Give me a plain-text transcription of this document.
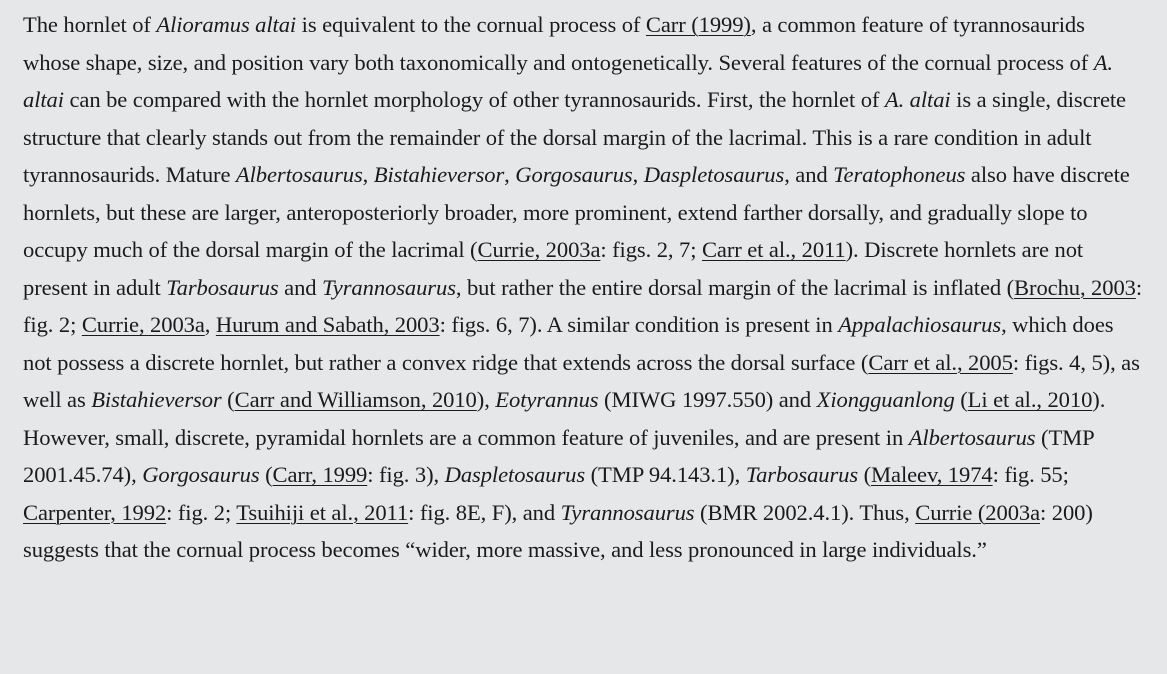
The hornlet of Alioramus altai is equivalent to the cornual process of Carr (1999), a common feature of tyrannosaurids whose shape, size, and position vary both taxonomically and ontogenetically. Several features of the cornual process of A. altai can be compared with the hornlet morphology of other tyrannosaurids. First, the hornlet of A. altai is a single, discrete structure that clearly stands out from the remainder of the dorsal margin of the lacrimal. This is a rare condition in adult tyrannosaurids. Mature Albertosaurus, Bistahieversor, Gorgosaurus, Daspletosaurus, and Teratophoneus also have discrete hornlets, but these are larger, anteroposteriorly broader, more prominent, extend farther dorsally, and gradually slope to occupy much of the dorsal margin of the lacrimal (Currie, 2003a: figs. 2, 7; Carr et al., 2011). Discrete hornlets are not present in adult Tarbosaurus and Tyrannosaurus, but rather the entire dorsal margin of the lacrimal is inflated (Brochu, 2003: fig. 2; Currie, 2003a, Hurum and Sabath, 2003: figs. 6, 7). A similar condition is present in Appalachiosaurus, which does not possess a discrete hornlet, but rather a convex ridge that extends across the dorsal surface (Carr et al., 2005: figs. 4, 5), as well as Bistahieversor (Carr and Williamson, 2010), Eotyrannus (MIWG 1997.550) and Xiongguanlong (Li et al., 2010). However, small, discrete, pyramidal hornlets are a common feature of juveniles, and are present in Albertosaurus (TMP 2001.45.74), Gorgosaurus (Carr, 1999: fig. 3), Daspletosaurus (TMP 94.143.1), Tarbosaurus (Maleev, 1974: fig. 55; Carpenter, 1992: fig. 2; Tsuihiji et al., 2011: fig. 8E, F), and Tyrannosaurus (BMR 2002.4.1). Thus, Currie (2003a: 200) suggests that the cornual process becomes “wider, more massive, and less pronounced in large individuals.”
